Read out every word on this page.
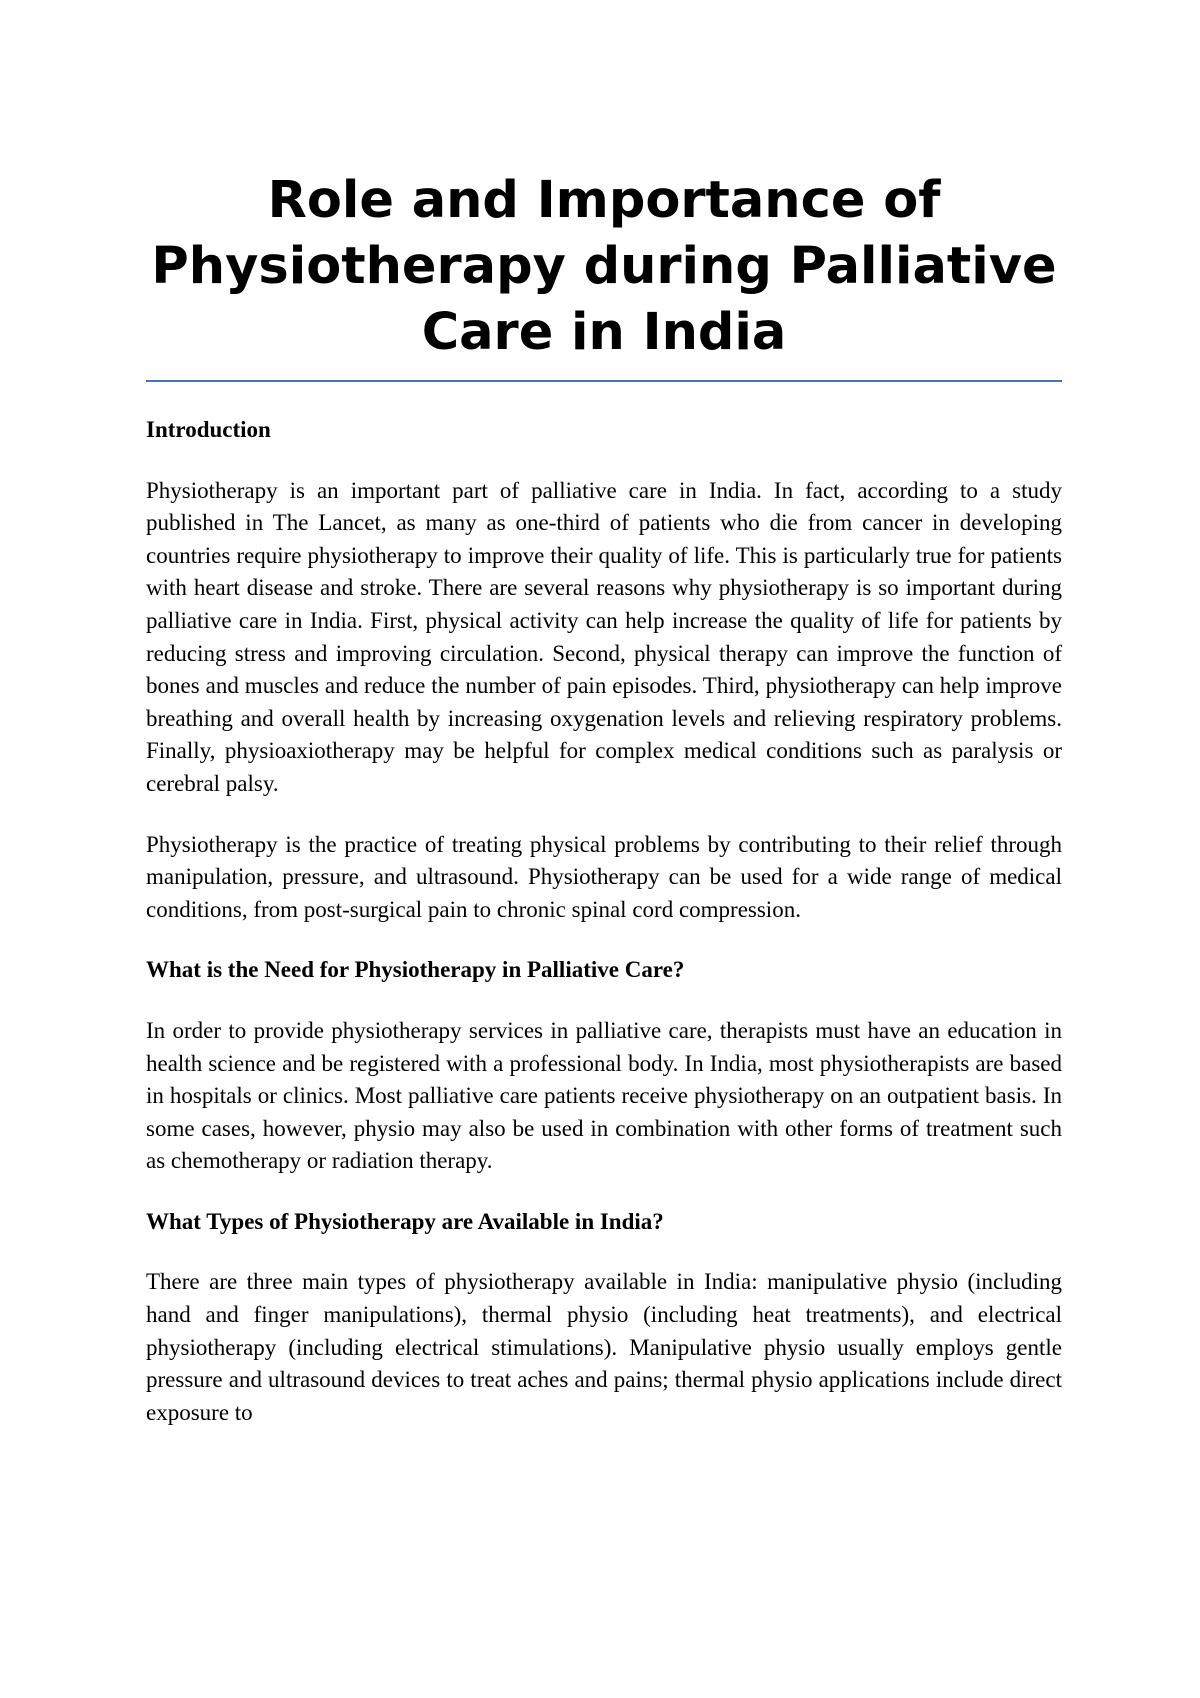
Role and Importance of Physiotherapy during Palliative Care in India

Introduction

Physiotherapy is an important part of palliative care in India. In fact, according to a study published in The Lancet, as many as one-third of patients who die from cancer in developing countries require physiotherapy to improve their quality of life. This is particularly true for patients with heart disease and stroke. There are several reasons why physiotherapy is so important during palliative care in India. First, physical activity can help increase the quality of life for patients by reducing stress and improving circulation. Second, physical therapy can improve the function of bones and muscles and reduce the number of pain episodes. Third, physiotherapy can help improve breathing and overall health by increasing oxygenation levels and relieving respiratory problems. Finally, physioaxiotherapy may be helpful for complex medical conditions such as paralysis or cerebral palsy.

Physiotherapy is the practice of treating physical problems by contributing to their relief through manipulation, pressure, and ultrasound. Physiotherapy can be used for a wide range of medical conditions, from post-surgical pain to chronic spinal cord compression.

What is the Need for Physiotherapy in Palliative Care?

In order to provide physiotherapy services in palliative care, therapists must have an education in health science and be registered with a professional body. In India, most physiotherapists are based in hospitals or clinics. Most palliative care patients receive physiotherapy on an outpatient basis. In some cases, however, physio may also be used in combination with other forms of treatment such as chemotherapy or radiation therapy.

What Types of Physiotherapy are Available in India?

There are three main types of physiotherapy available in India: manipulative physio (including hand and finger manipulations), thermal physio (including heat treatments), and electrical physiotherapy (including electrical stimulations). Manipulative physio usually employs gentle pressure and ultrasound devices to treat aches and pains; thermal physio applications include direct exposure to
